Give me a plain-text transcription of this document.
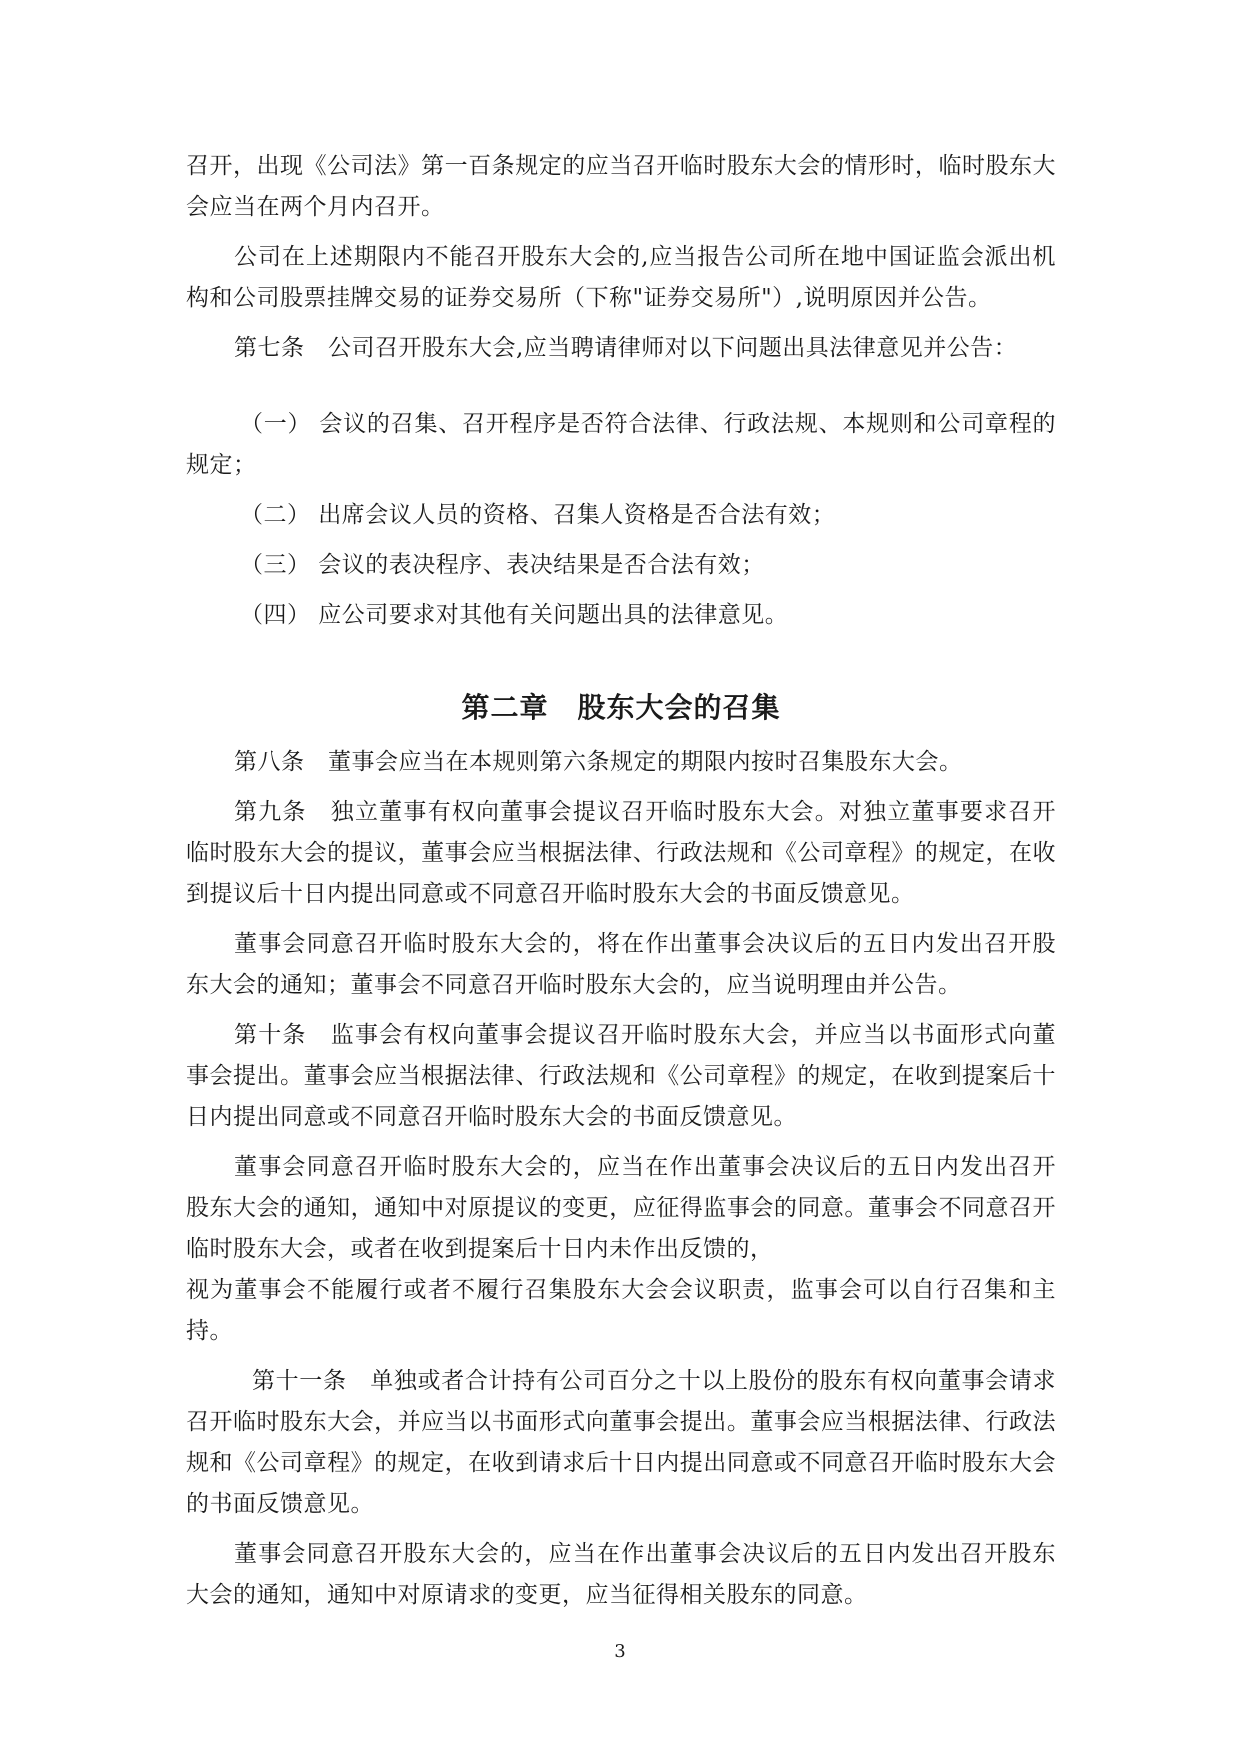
召开，出现《公司法》第一百条规定的应当召开临时股东大会的情形时，临时股东大会应当在两个月内召开。

公司在上述期限内不能召开股东大会的,应当报告公司所在地中国证监会派出机构和公司股票挂牌交易的证券交易所（下称"证券交易所"）,说明原因并公告。

第七条　公司召开股东大会,应当聘请律师对以下问题出具法律意见并公告：

（一） 会议的召集、召开程序是否符合法律、行政法规、本规则和公司章程的规定；

（二） 出席会议人员的资格、召集人资格是否合法有效；

（三） 会议的表决程序、表决结果是否合法有效；

（四） 应公司要求对其他有关问题出具的法律意见。

第二章　股东大会的召集

第八条　董事会应当在本规则第六条规定的期限内按时召集股东大会。

第九条　独立董事有权向董事会提议召开临时股东大会。对独立董事要求召开临时股东大会的提议，董事会应当根据法律、行政法规和《公司章程》的规定，在收到提议后十日内提出同意或不同意召开临时股东大会的书面反馈意见。

董事会同意召开临时股东大会的，将在作出董事会决议后的五日内发出召开股东大会的通知；董事会不同意召开临时股东大会的，应当说明理由并公告。

第十条　监事会有权向董事会提议召开临时股东大会，并应当以书面形式向董事会提出。董事会应当根据法律、行政法规和《公司章程》的规定，在收到提案后十日内提出同意或不同意召开临时股东大会的书面反馈意见。

董事会同意召开临时股东大会的，应当在作出董事会决议后的五日内发出召开股东大会的通知，通知中对原提议的变更，应征得监事会的同意。董事会不同意召开临时股东大会，或者在收到提案后十日内未作出反馈的，

视为董事会不能履行或者不履行召集股东大会会议职责，监事会可以自行召集和主持。

第十一条　单独或者合计持有公司百分之十以上股份的股东有权向董事会请求召开临时股东大会，并应当以书面形式向董事会提出。董事会应当根据法律、行政法规和《公司章程》的规定，在收到请求后十日内提出同意或不同意召开临时股东大会的书面反馈意见。

董事会同意召开股东大会的，应当在作出董事会决议后的五日内发出召开股东大会的通知，通知中对原请求的变更，应当征得相关股东的同意。

3
